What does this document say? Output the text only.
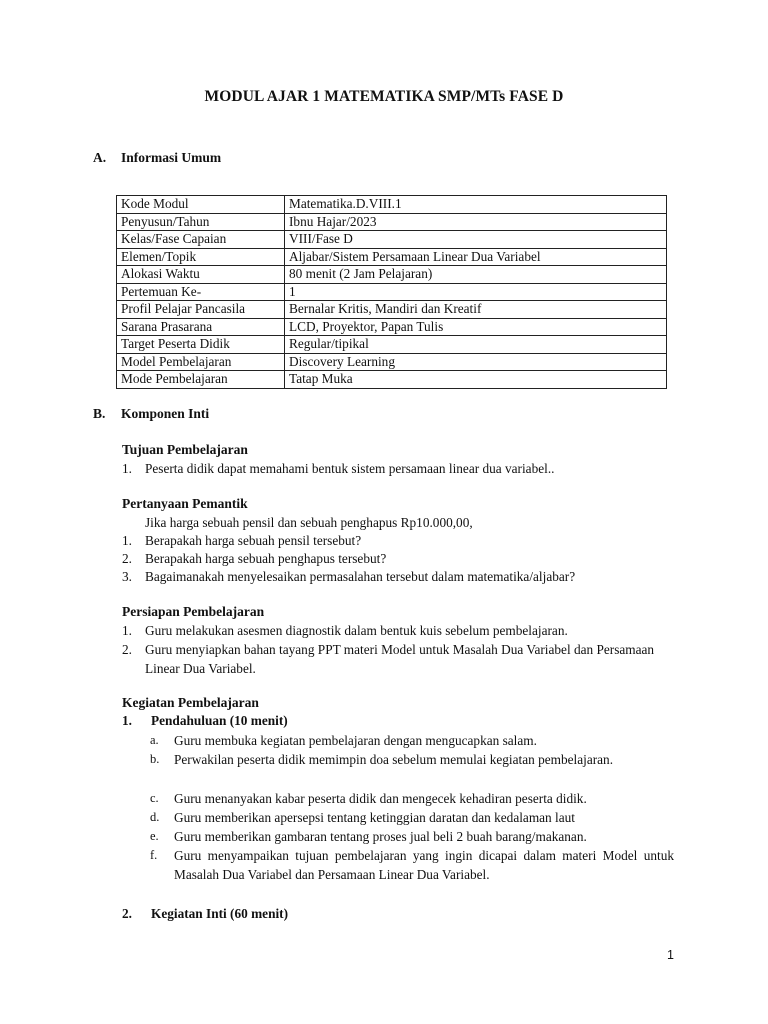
MODUL AJAR 1 MATEMATIKA SMP/MTs FASE D
A. Informasi Umum
Kode Modul	Matematika.D.VIII.1
Penyusun/Tahun	Ibnu Hajar/2023
Kelas/Fase Capaian	VIII/Fase D
Elemen/Topik	Aljabar/Sistem Persamaan Linear Dua Variabel
Alokasi Waktu	80 menit (2 Jam Pelajaran)
Pertemuan Ke-	1
Profil Pelajar Pancasila	Bernalar Kritis, Mandiri dan Kreatif
Sarana Prasarana	LCD, Proyektor, Papan Tulis
Target Peserta Didik	Regular/tipikal
Model Pembelajaran	Discovery Learning
Mode Pembelajaran	Tatap Muka
B. Komponen Inti
Tujuan Pembelajaran
1. Peserta didik dapat memahami bentuk sistem persamaan linear dua variabel..
Pertanyaan Pemantik
Jika harga sebuah pensil dan sebuah penghapus Rp10.000,00,
1. Berapakah harga sebuah pensil tersebut?
2. Berapakah harga sebuah penghapus tersebut?
3. Bagaimanakah menyelesaikan permasalahan tersebut dalam matematika/aljabar?
Persiapan Pembelajaran
1. Guru melakukan asesmen diagnostik dalam bentuk kuis sebelum pembelajaran.
2. Guru menyiapkan bahan tayang PPT materi Model untuk Masalah Dua Variabel dan Persamaan Linear Dua Variabel.
Kegiatan Pembelajaran
1. Pendahuluan (10 menit)
a. Guru membuka kegiatan pembelajaran dengan mengucapkan salam.
b. Perwakilan peserta didik memimpin doa sebelum memulai kegiatan pembelajaran.
c. Guru menanyakan kabar peserta didik dan mengecek kehadiran peserta didik.
d. Guru memberikan apersepsi tentang ketinggian daratan dan kedalaman laut
e. Guru memberikan gambaran tentang proses jual beli 2 buah barang/makanan.
f. Guru menyampaikan tujuan pembelajaran yang ingin dicapai dalam materi Model untuk Masalah Dua Variabel dan Persamaan Linear Dua Variabel.
2. Kegiatan Inti (60 menit)
1
